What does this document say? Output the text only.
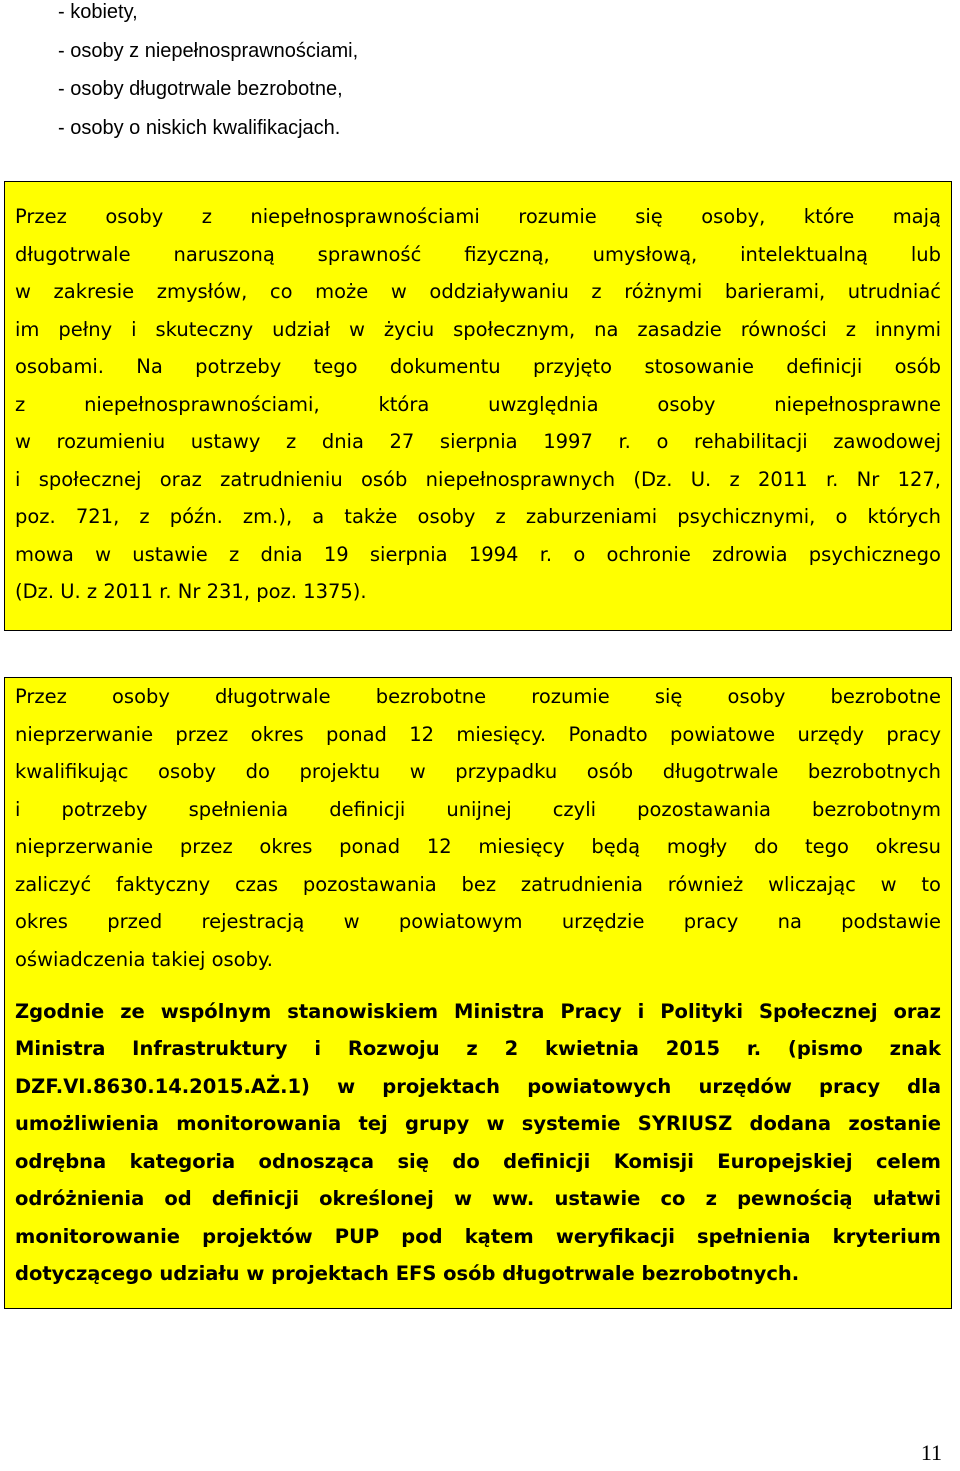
- kobiety,
- osoby z niepełnosprawnościami,
- osoby długotrwale bezrobotne,
- osoby o niskich kwalifikacjach.
Przez osoby z niepełnosprawnościami rozumie się osoby, które mają
długotrwale naruszoną sprawność fizyczną, umysłową, intelektualną lub
w zakresie zmysłów, co może w oddziaływaniu z różnymi barierami, utrudniać
im pełny i skuteczny udział w życiu społecznym, na zasadzie równości z innymi
osobami. Na potrzeby tego dokumentu przyjęto stosowanie definicji osób
z niepełnosprawnościami, która uwzględnia osoby niepełnosprawne
w rozumieniu ustawy z dnia 27 sierpnia 1997 r. o rehabilitacji zawodowej
i społecznej oraz zatrudnieniu osób niepełnosprawnych (Dz. U. z 2011 r. Nr 127,
poz. 721, z późn. zm.), a także osoby z zaburzeniami psychicznymi, o których
mowa w ustawie z dnia 19 sierpnia 1994 r. o ochronie zdrowia psychicznego
(Dz. U. z 2011 r. Nr 231, poz. 1375).
Przez osoby długotrwale bezrobotne rozumie się osoby bezrobotne
nieprzerwanie przez okres ponad 12 miesięcy. Ponadto powiatowe urzędy pracy
kwalifikując osoby do projektu w przypadku osób długotrwale bezrobotnych
i potrzeby spełnienia definicji unijnej czyli pozostawania bezrobotnym
nieprzerwanie przez okres ponad 12 miesięcy będą mogły do tego okresu
zaliczyć faktyczny czas pozostawania bez zatrudnienia również wliczając w to
okres przed rejestracją w powiatowym urzędzie pracy na podstawie
oświadczenia takiej osoby.
Zgodnie ze wspólnym stanowiskiem Ministra Pracy i Polityki Społecznej oraz
Ministra Infrastruktury i Rozwoju z 2 kwietnia 2015 r. (pismo znak
DZF.VI.8630.14.2015.AŻ.1) w projektach powiatowych urzędów pracy dla
umożliwienia monitorowania tej grupy w systemie SYRIUSZ dodana zostanie
odrębna kategoria odnosząca się do definicji Komisji Europejskiej celem
odróżnienia od definicji określonej w ww. ustawie co z pewnością ułatwi
monitorowanie projektów PUP pod kątem weryfikacji spełnienia kryterium
dotyczącego udziału w projektach EFS osób długotrwale bezrobotnych.
11
